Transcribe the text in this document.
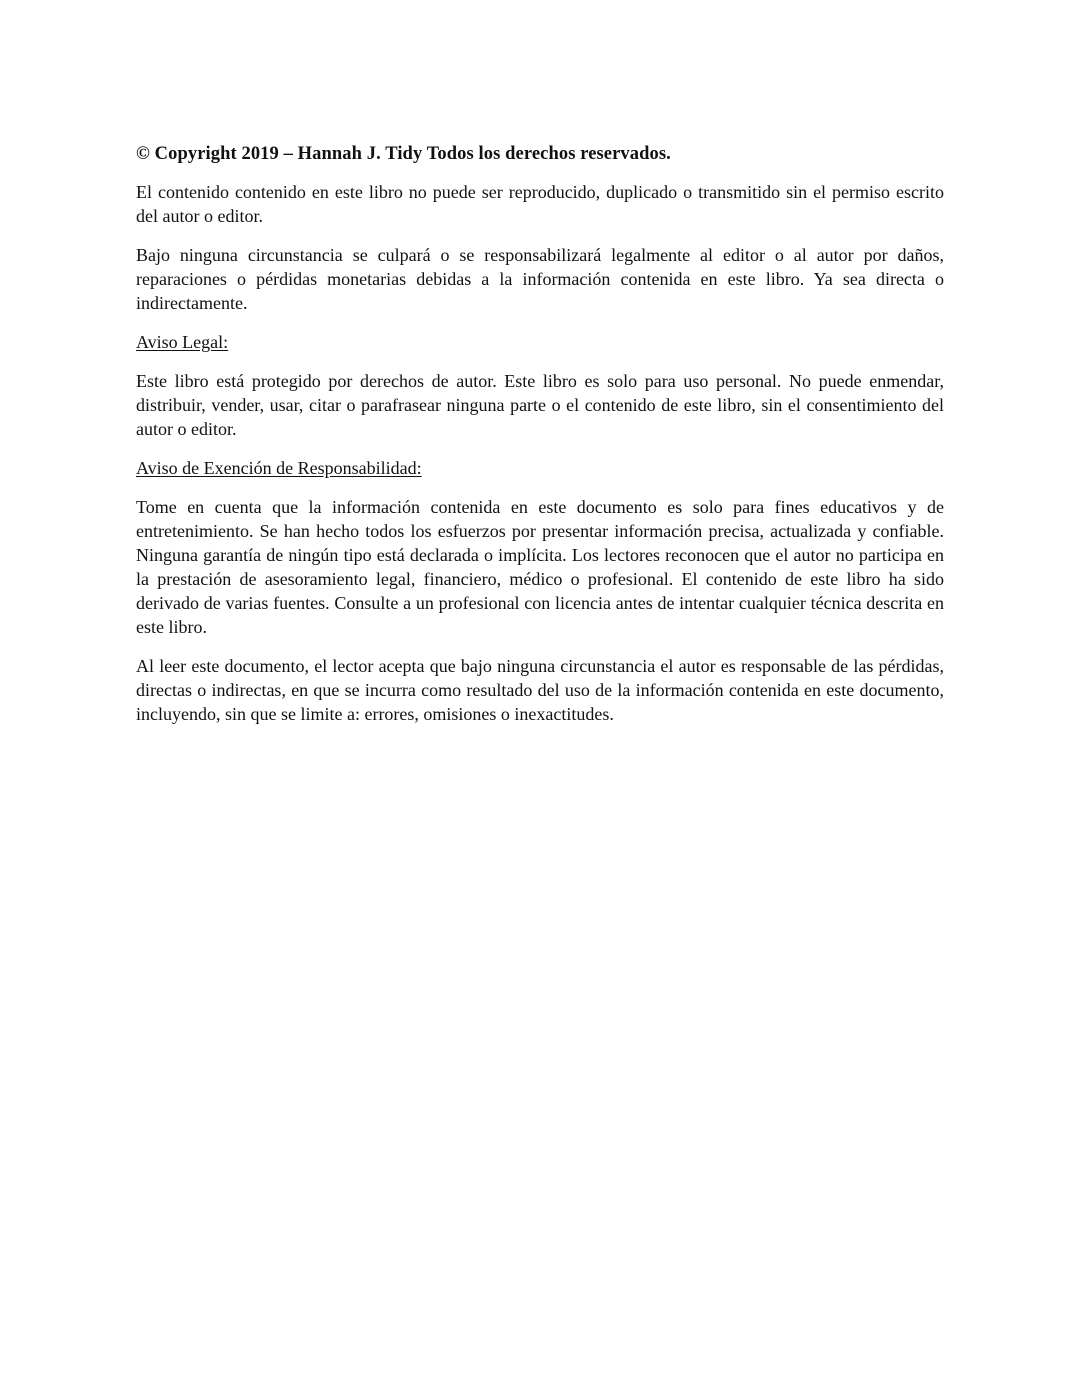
© Copyright 2019 – Hannah J. Tidy Todos los derechos reservados.

El contenido contenido en este libro no puede ser reproducido, duplicado o transmitido sin el permiso escrito del autor o editor.

Bajo ninguna circunstancia se culpará o se responsabilizará legalmente al editor o al autor por daños, reparaciones o pérdidas monetarias debidas a la información contenida en este libro. Ya sea directa o indirectamente.

Aviso Legal:

Este libro está protegido por derechos de autor. Este libro es solo para uso personal. No puede enmendar, distribuir, vender, usar, citar o parafrasear ninguna parte o el contenido de este libro, sin el consentimiento del autor o editor.

Aviso de Exención de Responsabilidad:

Tome en cuenta que la información contenida en este documento es solo para fines educativos y de entretenimiento. Se han hecho todos los esfuerzos por presentar información precisa, actualizada y confiable. Ninguna garantía de ningún tipo está declarada o implícita. Los lectores reconocen que el autor no participa en la prestación de asesoramiento legal, financiero, médico o profesional. El contenido de este libro ha sido derivado de varias fuentes. Consulte a un profesional con licencia antes de intentar cualquier técnica descrita en este libro.

Al leer este documento, el lector acepta que bajo ninguna circunstancia el autor es responsable de las pérdidas, directas o indirectas, en que se incurra como resultado del uso de la información contenida en este documento, incluyendo, sin que se limite a: errores, omisiones o inexactitudes.
